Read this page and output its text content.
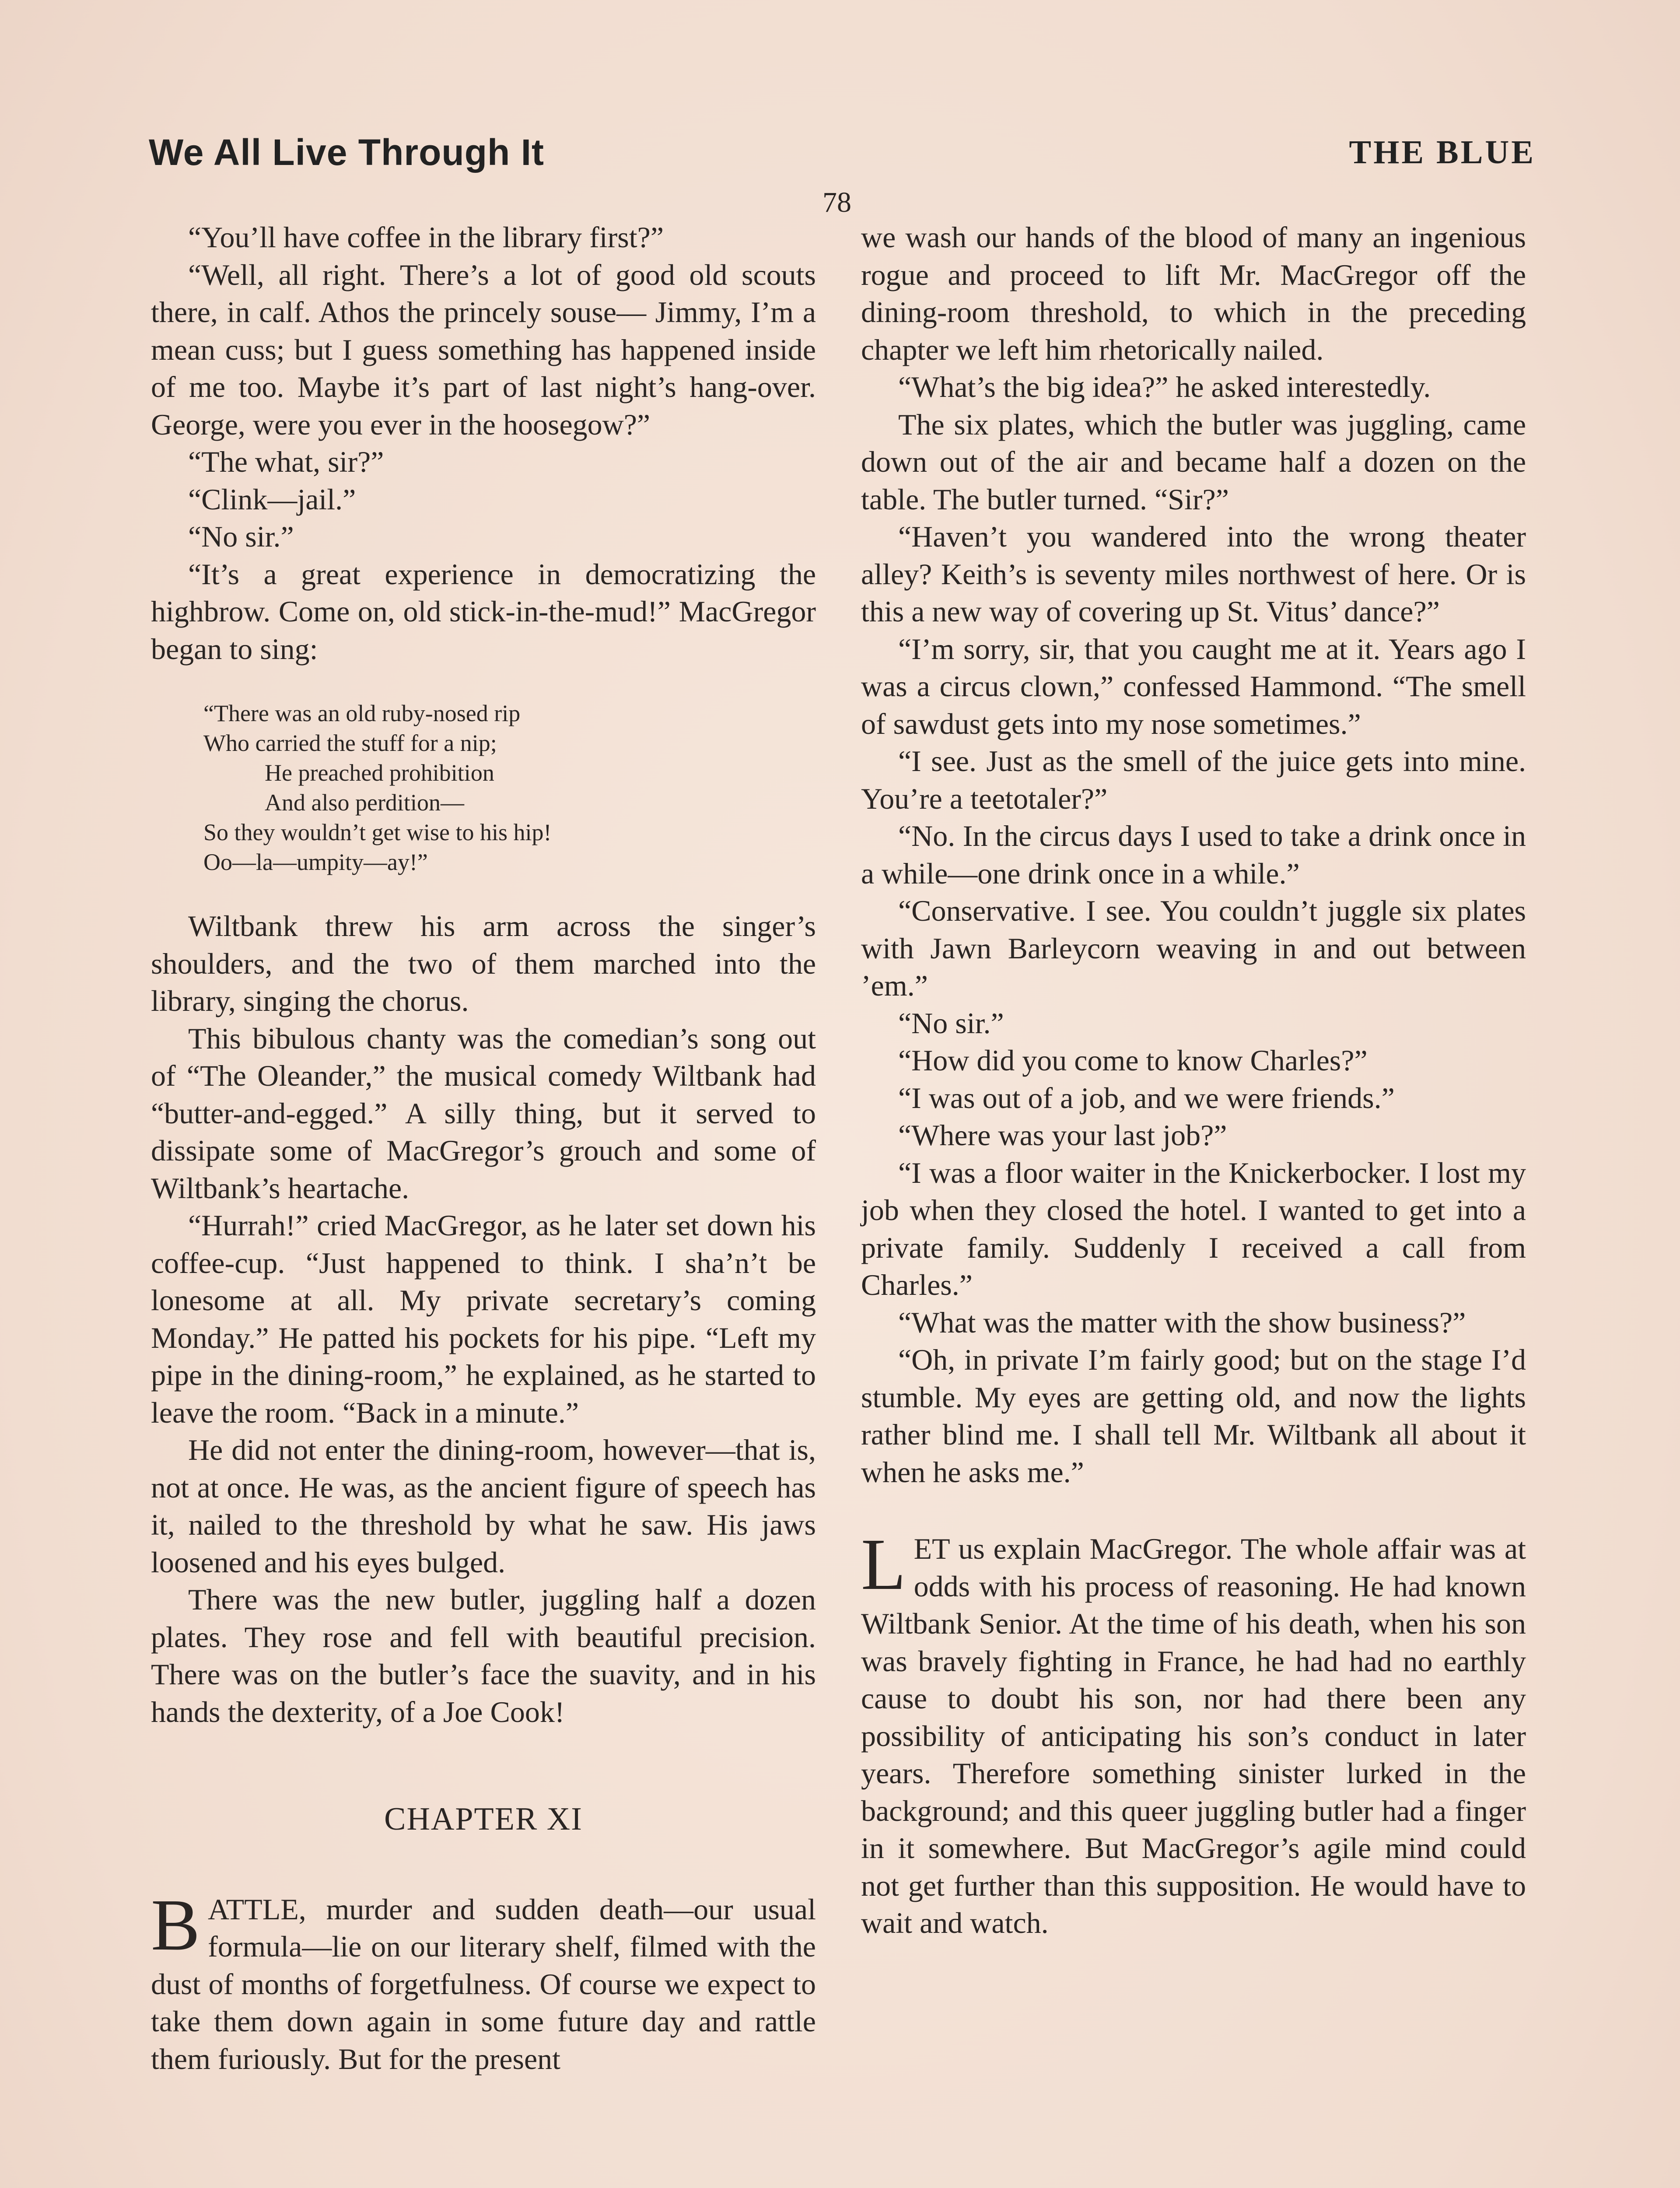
We All Live Through It	THE BLUE
78

“You’ll have coffee in the library first?”

“Well, all right. There’s a lot of good old scouts there, in calf. Athos the princely souse— Jimmy, I’m a mean cuss; but I guess something has happened inside of me too. Maybe it’s part of last night’s hang-over. George, were you ever in the hoosegow?”

“The what, sir?”

“Clink—jail.”

“No sir.”

“It’s a great experience in democratizing the highbrow. Come on, old stick-in-the-mud!” MacGregor began to sing:

“There was an old ruby-nosed rip
Who carried the stuff for a nip;
He preached prohibition
And also perdition—
So they wouldn’t get wise to his hip!
Oo—la—umpity—ay!”

Wiltbank threw his arm across the singer’s shoulders, and the two of them marched into the library, singing the chorus.

This bibulous chanty was the comedian’s song out of “The Oleander,” the musical comedy Wiltbank had “butter-and-egged.” A silly thing, but it served to dissipate some of MacGregor’s grouch and some of Wiltbank’s heartache.

“Hurrah!” cried MacGregor, as he later set down his coffee-cup. “Just happened to think. I sha’n’t be lonesome at all. My private secretary’s coming Monday.” He patted his pockets for his pipe. “Left my pipe in the dining-room,” he explained, as he started to leave the room. “Back in a minute.”

He did not enter the dining-room, however—that is, not at once. He was, as the ancient figure of speech has it, nailed to the threshold by what he saw. His jaws loosened and his eyes bulged.

There was the new butler, juggling half a dozen plates. They rose and fell with beautiful precision. There was on the butler’s face the suavity, and in his hands the dexterity, of a Joe Cook!

CHAPTER XI

BATTLE, murder and sudden death—our usual formula—lie on our literary shelf, filmed with the dust of months of forgetfulness. Of course we expect to take them down again in some future day and rattle them furiously. But for the present

we wash our hands of the blood of many an ingenious rogue and proceed to lift Mr. MacGregor off the dining-room threshold, to which in the preceding chapter we left him rhetorically nailed.

“What’s the big idea?” he asked interestedly.

The six plates, which the butler was juggling, came down out of the air and became half a dozen on the table. The butler turned. “Sir?”

“Haven’t you wandered into the wrong theater alley? Keith’s is seventy miles northwest of here. Or is this a new way of covering up St. Vitus’ dance?”

“I’m sorry, sir, that you caught me at it. Years ago I was a circus clown,” confessed Hammond. “The smell of sawdust gets into my nose sometimes.”

“I see. Just as the smell of the juice gets into mine. You’re a teetotaler?”

“No. In the circus days I used to take a drink once in a while—one drink once in a while.”

“Conservative. I see. You couldn’t juggle six plates with Jawn Barleycorn weaving in and out between ’em.”

“No sir.”

“How did you come to know Charles?”

“I was out of a job, and we were friends.”

“Where was your last job?”

“I was a floor waiter in the Knickerbocker. I lost my job when they closed the hotel. I wanted to get into a private family. Suddenly I received a call from Charles.”

“What was the matter with the show business?”

“Oh, in private I’m fairly good; but on the stage I’d stumble. My eyes are getting old, and now the lights rather blind me. I shall tell Mr. Wiltbank all about it when he asks me.”

LET us explain MacGregor. The whole affair was at odds with his process of reasoning. He had known Wiltbank Senior. At the time of his death, when his son was bravely fighting in France, he had had no earthly cause to doubt his son, nor had there been any possibility of anticipating his son’s conduct in later years. Therefore something sinister lurked in the background; and this queer juggling butler had a finger in it somewhere. But MacGregor’s agile mind could not get further than this supposition. He would have to wait and watch.
